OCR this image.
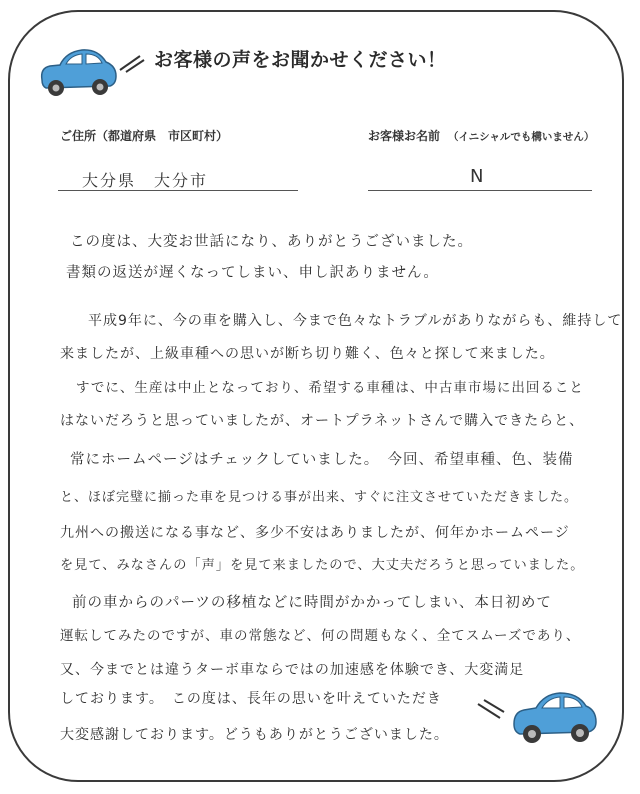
お客様の声をお聞かせください！
ご住所（都道府県　市区町村）	お客様お名前 （イニシャルでも構いません）
大分県　大分市	N
この度は、大変お世話になり、ありがとうございました。
書類の返送が遅くなってしまい、申し訳ありません。
平成9年に、今の車を購入し、今まで色々なトラブルがありながらも、維持して
来ましたが、上級車種への思いが断ち切り難く、色々と探して来ました。
すでに、生産は中止となっており、希望する車種は、中古車市場に出回ること
はないだろうと思っていましたが、オートプラネットさんで購入できたらと、
常にホームページはチェックしていました。　今回、希望車種、色、装備
と、ほぼ完璧に揃った車を見つける事が出来、すぐに注文させていただきました。
九州への搬送になる事など、多少不安はありましたが、何年かホームページ
を見て、みなさんの「声」を見て来ましたので、大丈夫だろうと思っていました。
前の車からのパーツの移植などに時間がかかってしまい、本日初めて
運転してみたのですが、車の常態など、何の問題もなく、全てスムーズであり、
又、今までとは違うターボ車ならではの加速感を体験でき、大変満足
しております。　この度は、長年の思いを叶えていただき
大変感謝しております。どうもありがとうございました。
